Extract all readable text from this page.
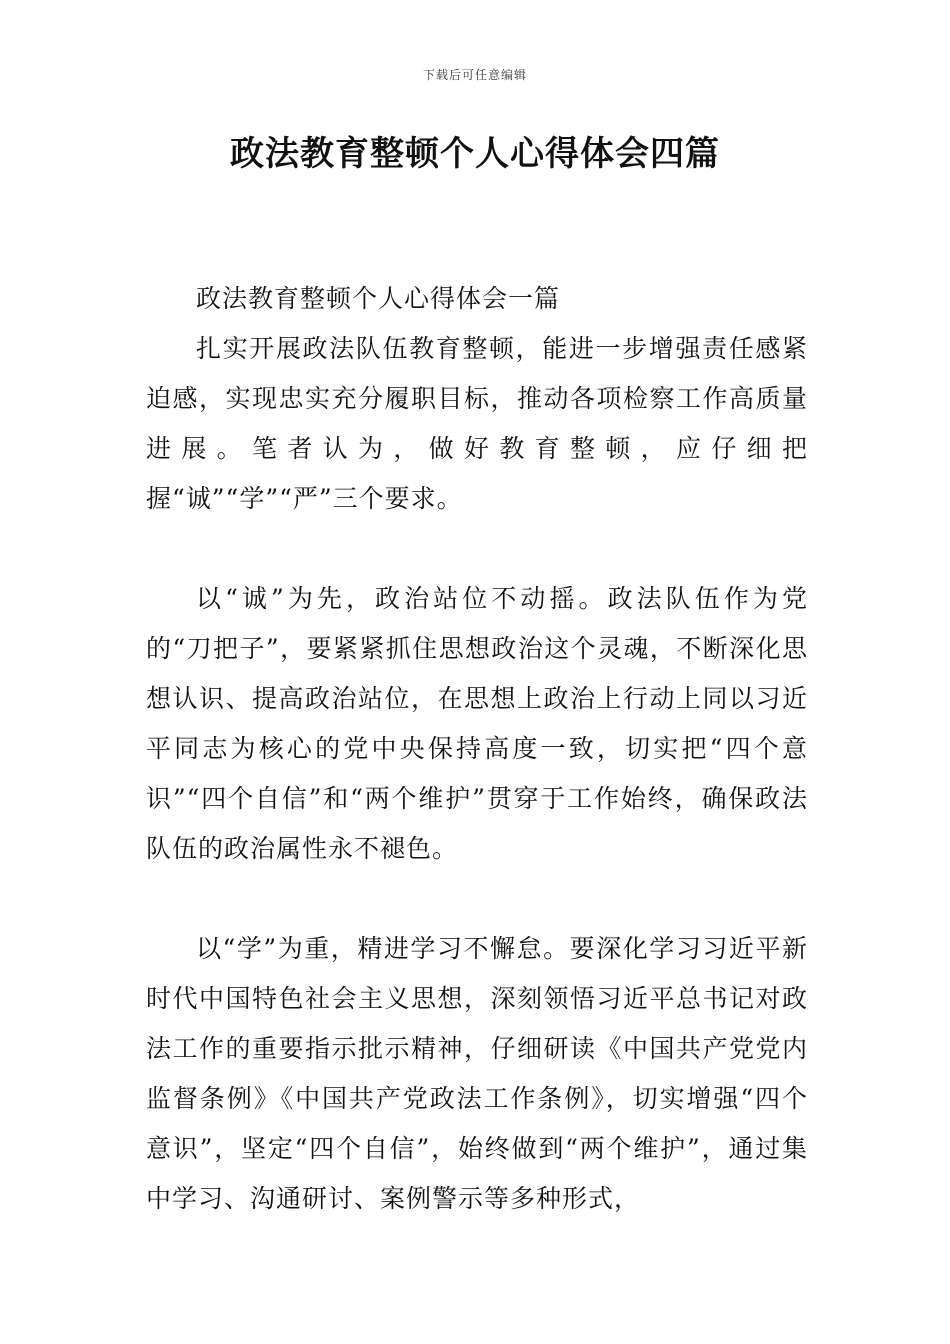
下载后可任意编辑
政法教育整顿个人心得体会四篇

政法教育整顿个人心得体会一篇

扎实开展政法队伍教育整顿，能进一步增强责任感紧迫感，实现忠实充分履职目标，推动各项检察工作高质量进展。笔者认为，做好教育整顿，应仔细把握“诚”“学”“严”三个要求。

以“诚”为先，政治站位不动摇。政法队伍作为党的“刀把子”，要紧紧抓住思想政治这个灵魂，不断深化思想认识、提高政治站位，在思想上政治上行动上同以习近平同志为核心的党中央保持高度一致，切实把“四个意识”“四个自信”和“两个维护”贯穿于工作始终，确保政法队伍的政治属性永不褪色。

以“学”为重，精进学习不懈怠。要深化学习习近平新时代中国特色社会主义思想，深刻领悟习近平总书记对政法工作的重要指示批示精神，仔细研读《中国共产党党内监督条例》《中国共产党政法工作条例》，切实增强“四个意识”，坚定“四个自信”，始终做到“两个维护”，通过集中学习、沟通研讨、案例警示等多种形式，
